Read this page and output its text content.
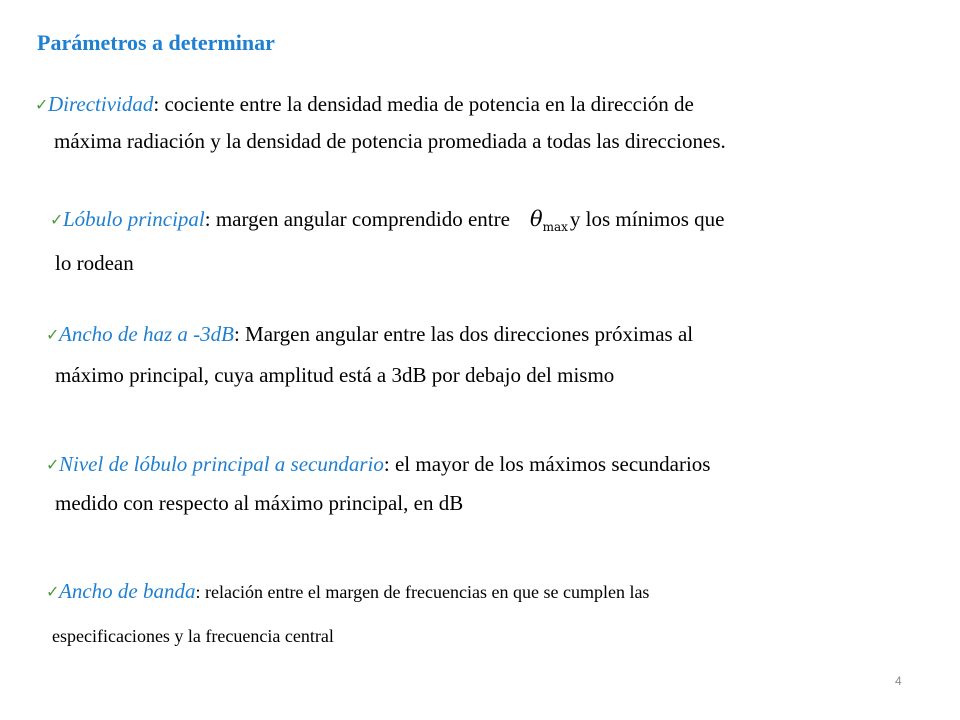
Parámetros a determinar
✓Directividad: cociente entre la densidad media de potencia en la dirección de
máxima radiación y la densidad de potencia promediada a todas las direcciones.
✓Lóbulo principal: margen angular comprendido entre $\theta_{max}y$ los mínimos que
lo rodean
✓Ancho de haz a -3dB: Margen angular entre las dos direcciones próximas al
máximo principal, cuya amplitud está a 3dB por debajo del mismo
✓Nivel de lóbulo principal a secundario: el mayor de los máximos secundarios
medido con respecto al máximo principal, en dB
✓Ancho de banda: relación entre el margen de frecuencias en que se cumplen las
especificaciones y la frecuencia central
4
